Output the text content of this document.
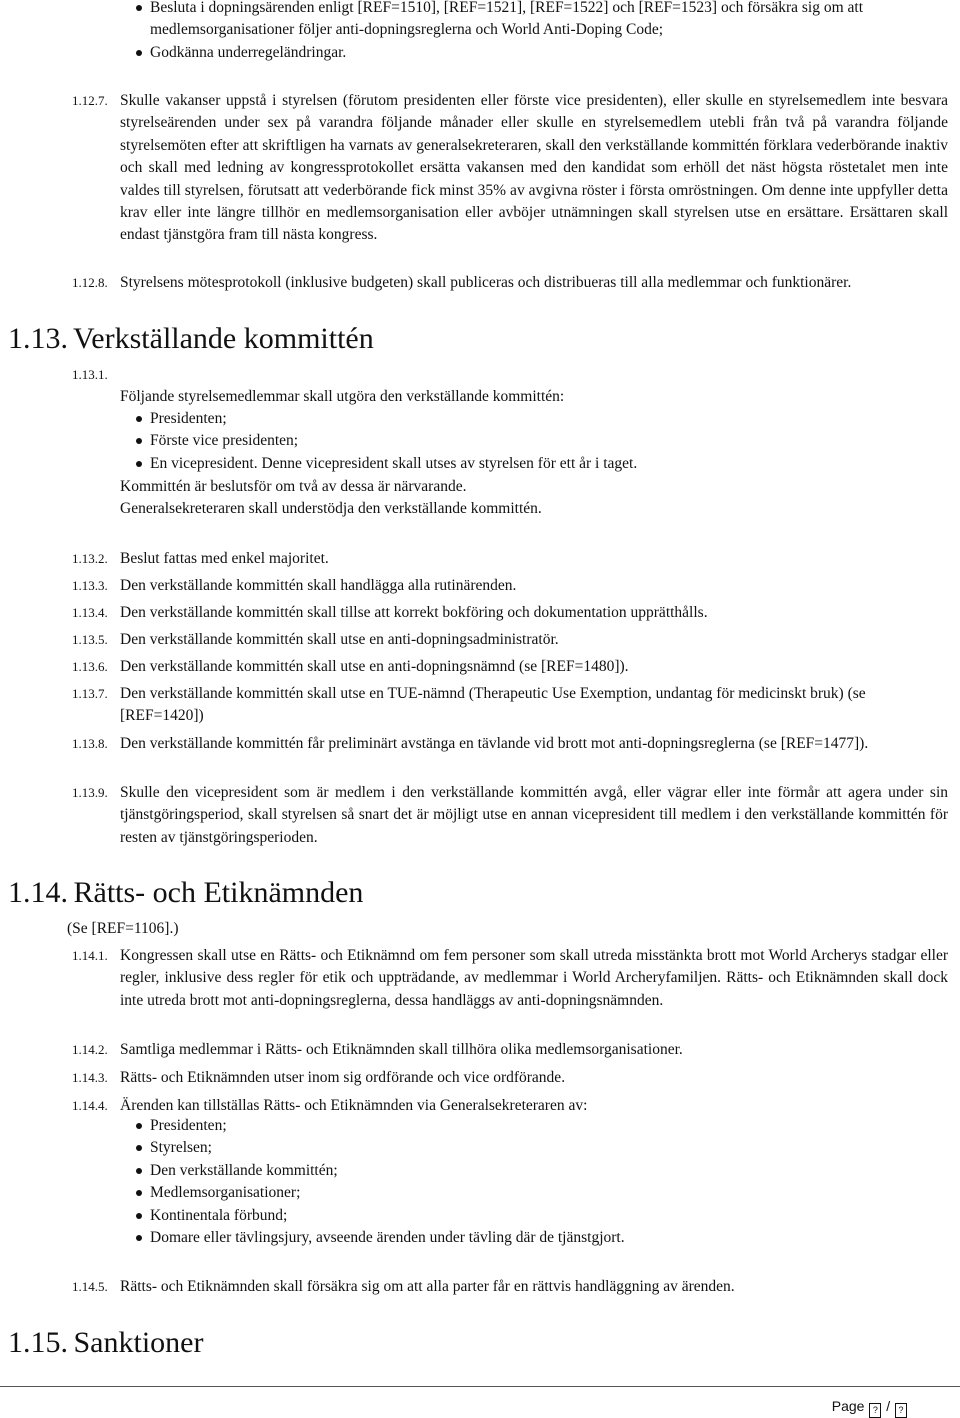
Besluta i dopningsärenden enligt [REF=1510], [REF=1521], [REF=1522] och [REF=1523] och försäkra sig om att medlemsorganisationer följer anti-dopningsreglerna och World Anti-Doping Code;
Godkänna underregeländringar.
1.12.7. Skulle vakanser uppstå i styrelsen (förutom presidenten eller förste vice presidenten), eller skulle en styrelsemedlem inte besvara styrelseärenden under sex på varandra följande månader eller skulle en styrelsemedlem utebli från två på varandra följande styrelsemöten efter att skriftligen ha varnats av generalsekreteraren, skall den verkställande kommittén förklara vederbörande inaktiv och skall med ledning av kongressprotokollet ersätta vakansen med den kandidat som erhöll det näst högsta röstetalet men inte valdes till styrelsen, förutsatt att vederbörande fick minst 35% av avgivna röster i första omröstningen. Om denne inte uppfyller detta krav eller inte längre tillhör en medlemsorganisation eller avböjer utnämningen skall styrelsen utse en ersättare. Ersättaren skall endast tjänstgöra fram till nästa kongress.
1.12.8. Styrelsens mötesprotokoll (inklusive budgeten) skall publiceras och distribueras till alla medlemmar och funktionärer.
1.13. Verkställande kommittén
1.13.1.
Följande styrelsemedlemmar skall utgöra den verkställande kommittén:
Presidenten;
Förste vice presidenten;
En vicepresident. Denne vicepresident skall utses av styrelsen för ett år i taget.
Kommittén är beslutsför om två av dessa är närvarande.
Generalsekreteraren skall understödja den verkställande kommittén.
1.13.2. Beslut fattas med enkel majoritet.
1.13.3. Den verkställande kommittén skall handlägga alla rutinärenden.
1.13.4. Den verkställande kommittén skall tillse att korrekt bokföring och dokumentation upprätthålls.
1.13.5. Den verkställande kommittén skall utse en anti-dopningsadministratör.
1.13.6. Den verkställande kommittén skall utse en anti-dopningsnämnd (se [REF=1480]).
1.13.7. Den verkställande kommittén skall utse en TUE-nämnd (Therapeutic Use Exemption, undantag för medicinskt bruk) (se [REF=1420])
1.13.8. Den verkställande kommittén får preliminärt avstänga en tävlande vid brott mot anti-dopningsreglerna (se [REF=1477]).
1.13.9. Skulle den vicepresident som är medlem i den verkställande kommittén avgå, eller vägrar eller inte förmår att agera under sin tjänstgöringsperiod, skall styrelsen så snart det är möjligt utse en annan vicepresident till medlem i den verkställande kommittén för resten av tjänstgöringsperioden.
1.14. Rätts- och Etiknämnden
(Se [REF=1106].)
1.14.1. Kongressen skall utse en Rätts- och Etiknämnd om fem personer som skall utreda misstänkta brott mot World Archerys stadgar eller regler, inklusive dess regler för etik och uppträdande, av medlemmar i World Archeryfamiljen. Rätts- och Etiknämnden skall dock inte utreda brott mot anti-dopningsreglerna, dessa handläggs av anti-dopningsnämnden.
1.14.2. Samtliga medlemmar i Rätts- och Etiknämnden skall tillhöra olika medlemsorganisationer.
1.14.3. Rätts- och Etiknämnden utser inom sig ordförande och vice ordförande.
1.14.4. Ärenden kan tillställas Rätts- och Etiknämnden via Generalsekreteraren av:
Presidenten;
Styrelsen;
Den verkställande kommittén;
Medlemsorganisationer;
Kontinentala förbund;
Domare eller tävlingsjury, avseende ärenden under tävling där de tjänstgjort.
1.14.5. Rätts- och Etiknämnden skall försäkra sig om att alla parter får en rättvis handläggning av ärenden.
1.15. Sanktioner
Page ? / ?
